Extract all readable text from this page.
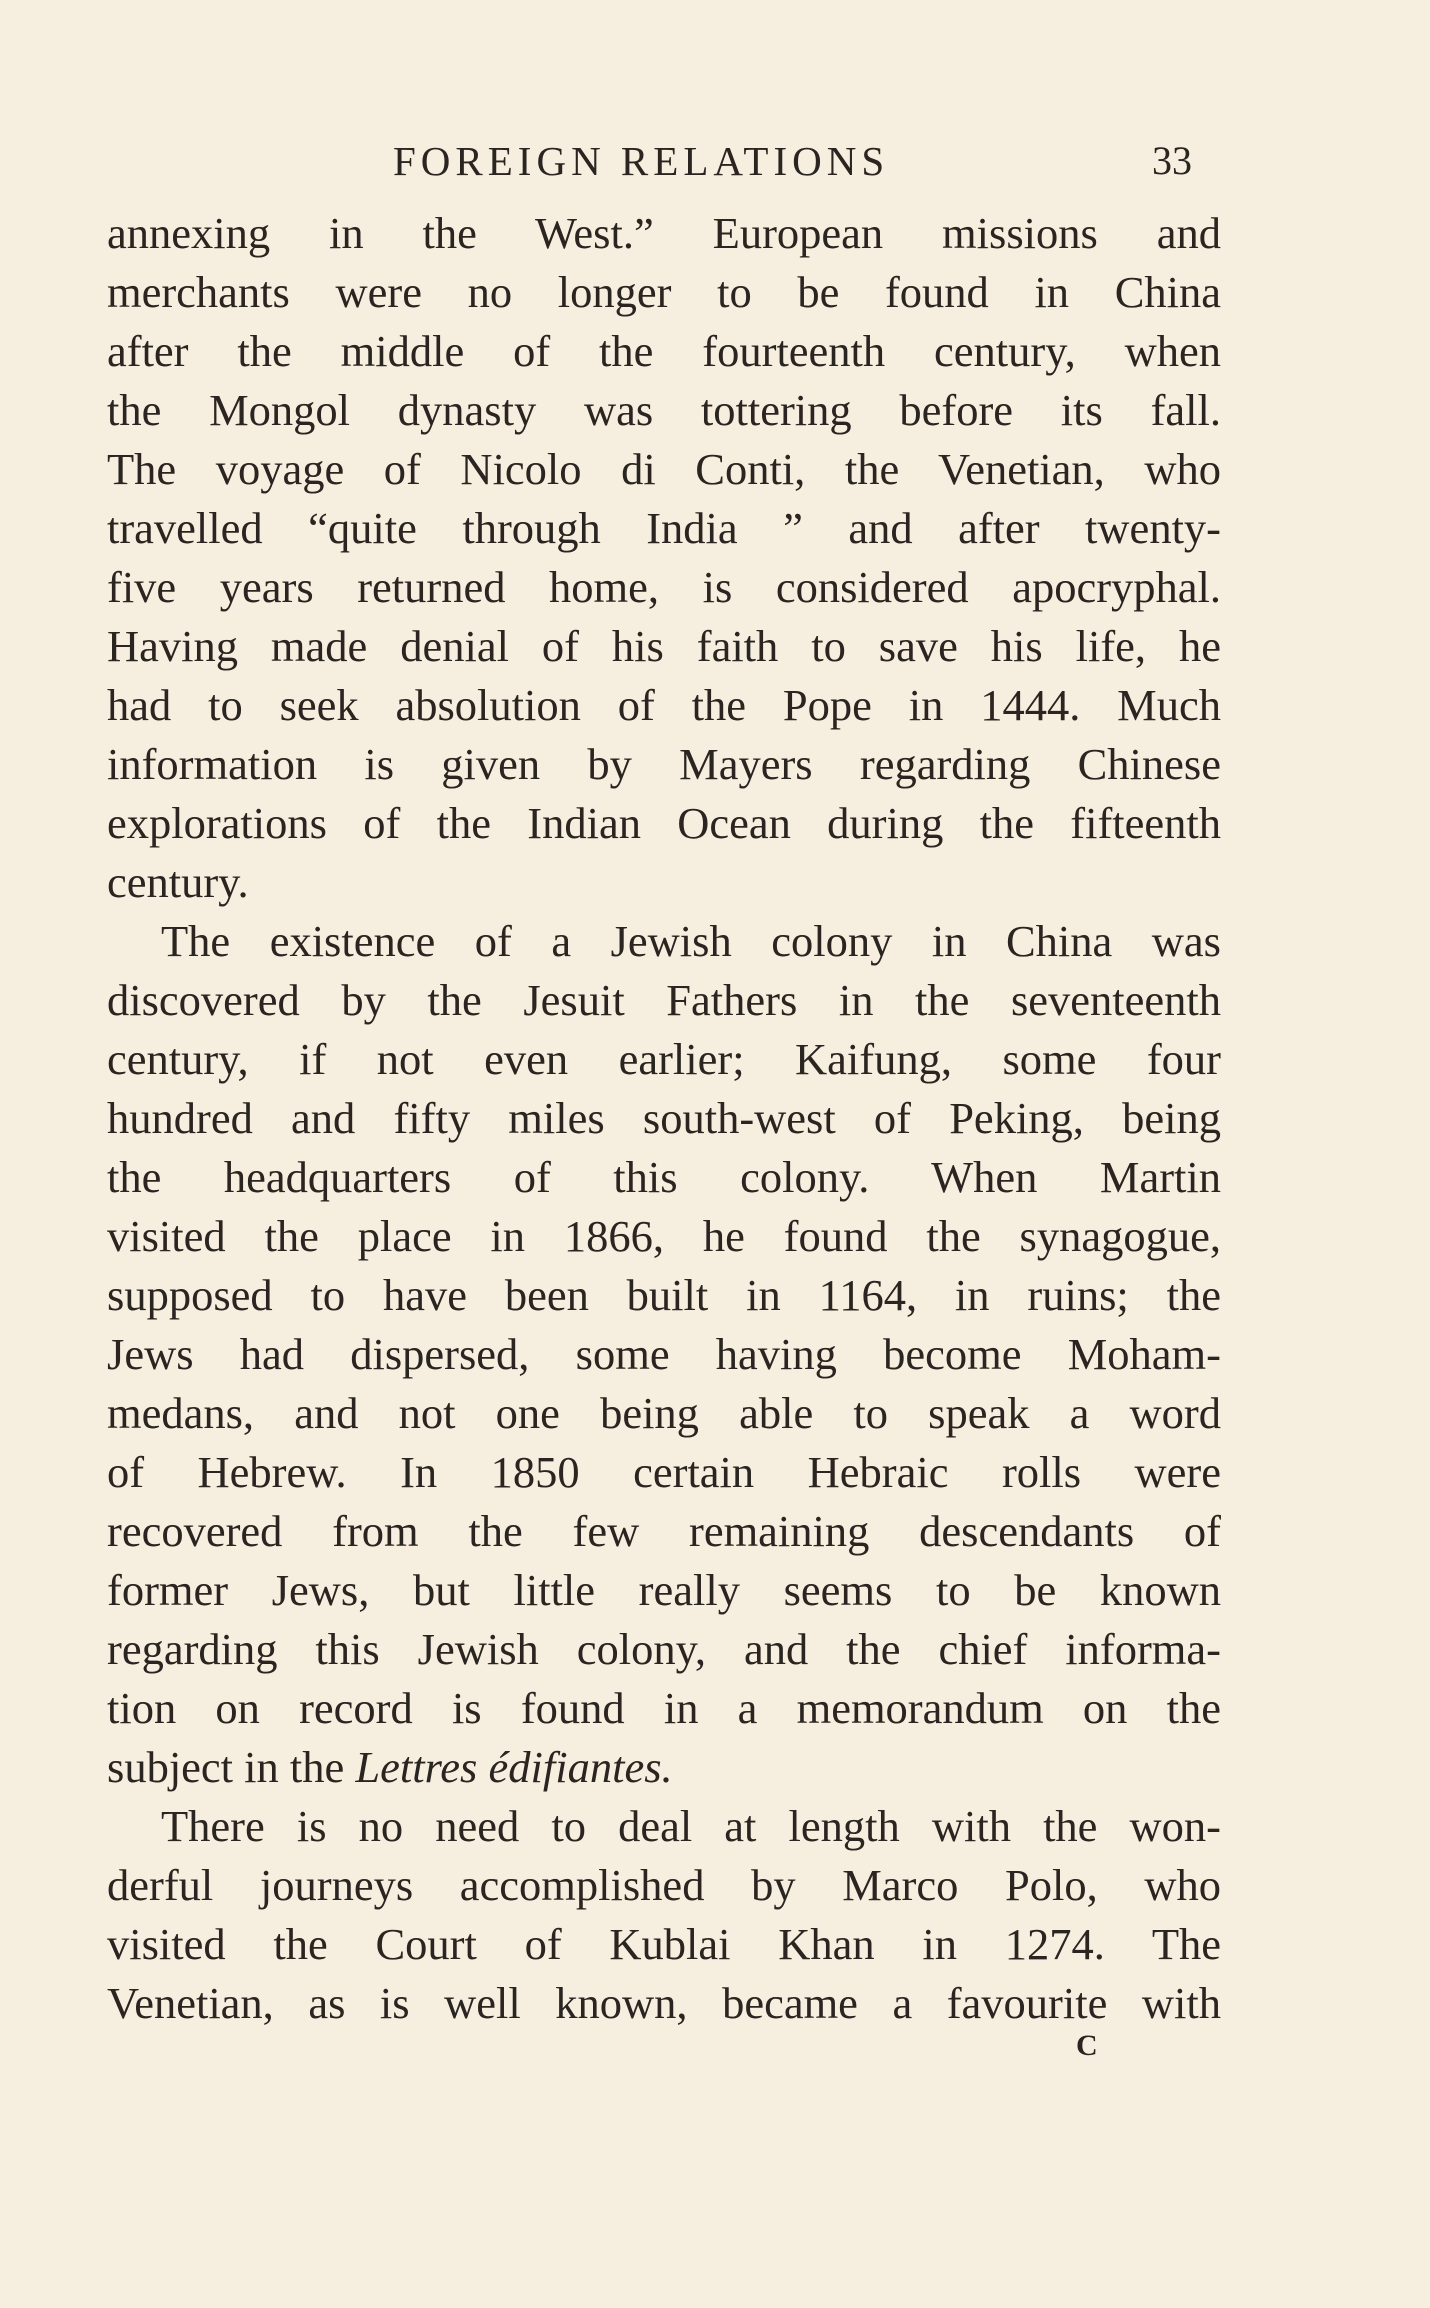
FOREIGN RELATIONS	33
annexing in the West.” European missions and
merchants were no longer to be found in China
after the middle of the fourteenth century, when
the Mongol dynasty was tottering before its fall.
The voyage of Nicolo di Conti, the Venetian, who
travelled “quite through India ” and after twenty-
five years returned home, is considered apocryphal.
Having made denial of his faith to save his life, he
had to seek absolution of the Pope in 1444. Much
information is given by Mayers regarding Chinese
explorations of the Indian Ocean during the fifteenth
century.
The existence of a Jewish colony in China was
discovered by the Jesuit Fathers in the seventeenth
century, if not even earlier; Kaifung, some four
hundred and fifty miles south-west of Peking, being
the headquarters of this colony. When Martin
visited the place in 1866, he found the synagogue,
supposed to have been built in 1164, in ruins; the
Jews had dispersed, some having become Moham-
medans, and not one being able to speak a word
of Hebrew. In 1850 certain Hebraic rolls were
recovered from the few remaining descendants of
former Jews, but little really seems to be known
regarding this Jewish colony, and the chief informa-
tion on record is found in a memorandum on the
subject in the Lettres édifiantes.
There is no need to deal at length with the won-
derful journeys accomplished by Marco Polo, who
visited the Court of Kublai Khan in 1274. The
Venetian, as is well known, became a favourite with
C
